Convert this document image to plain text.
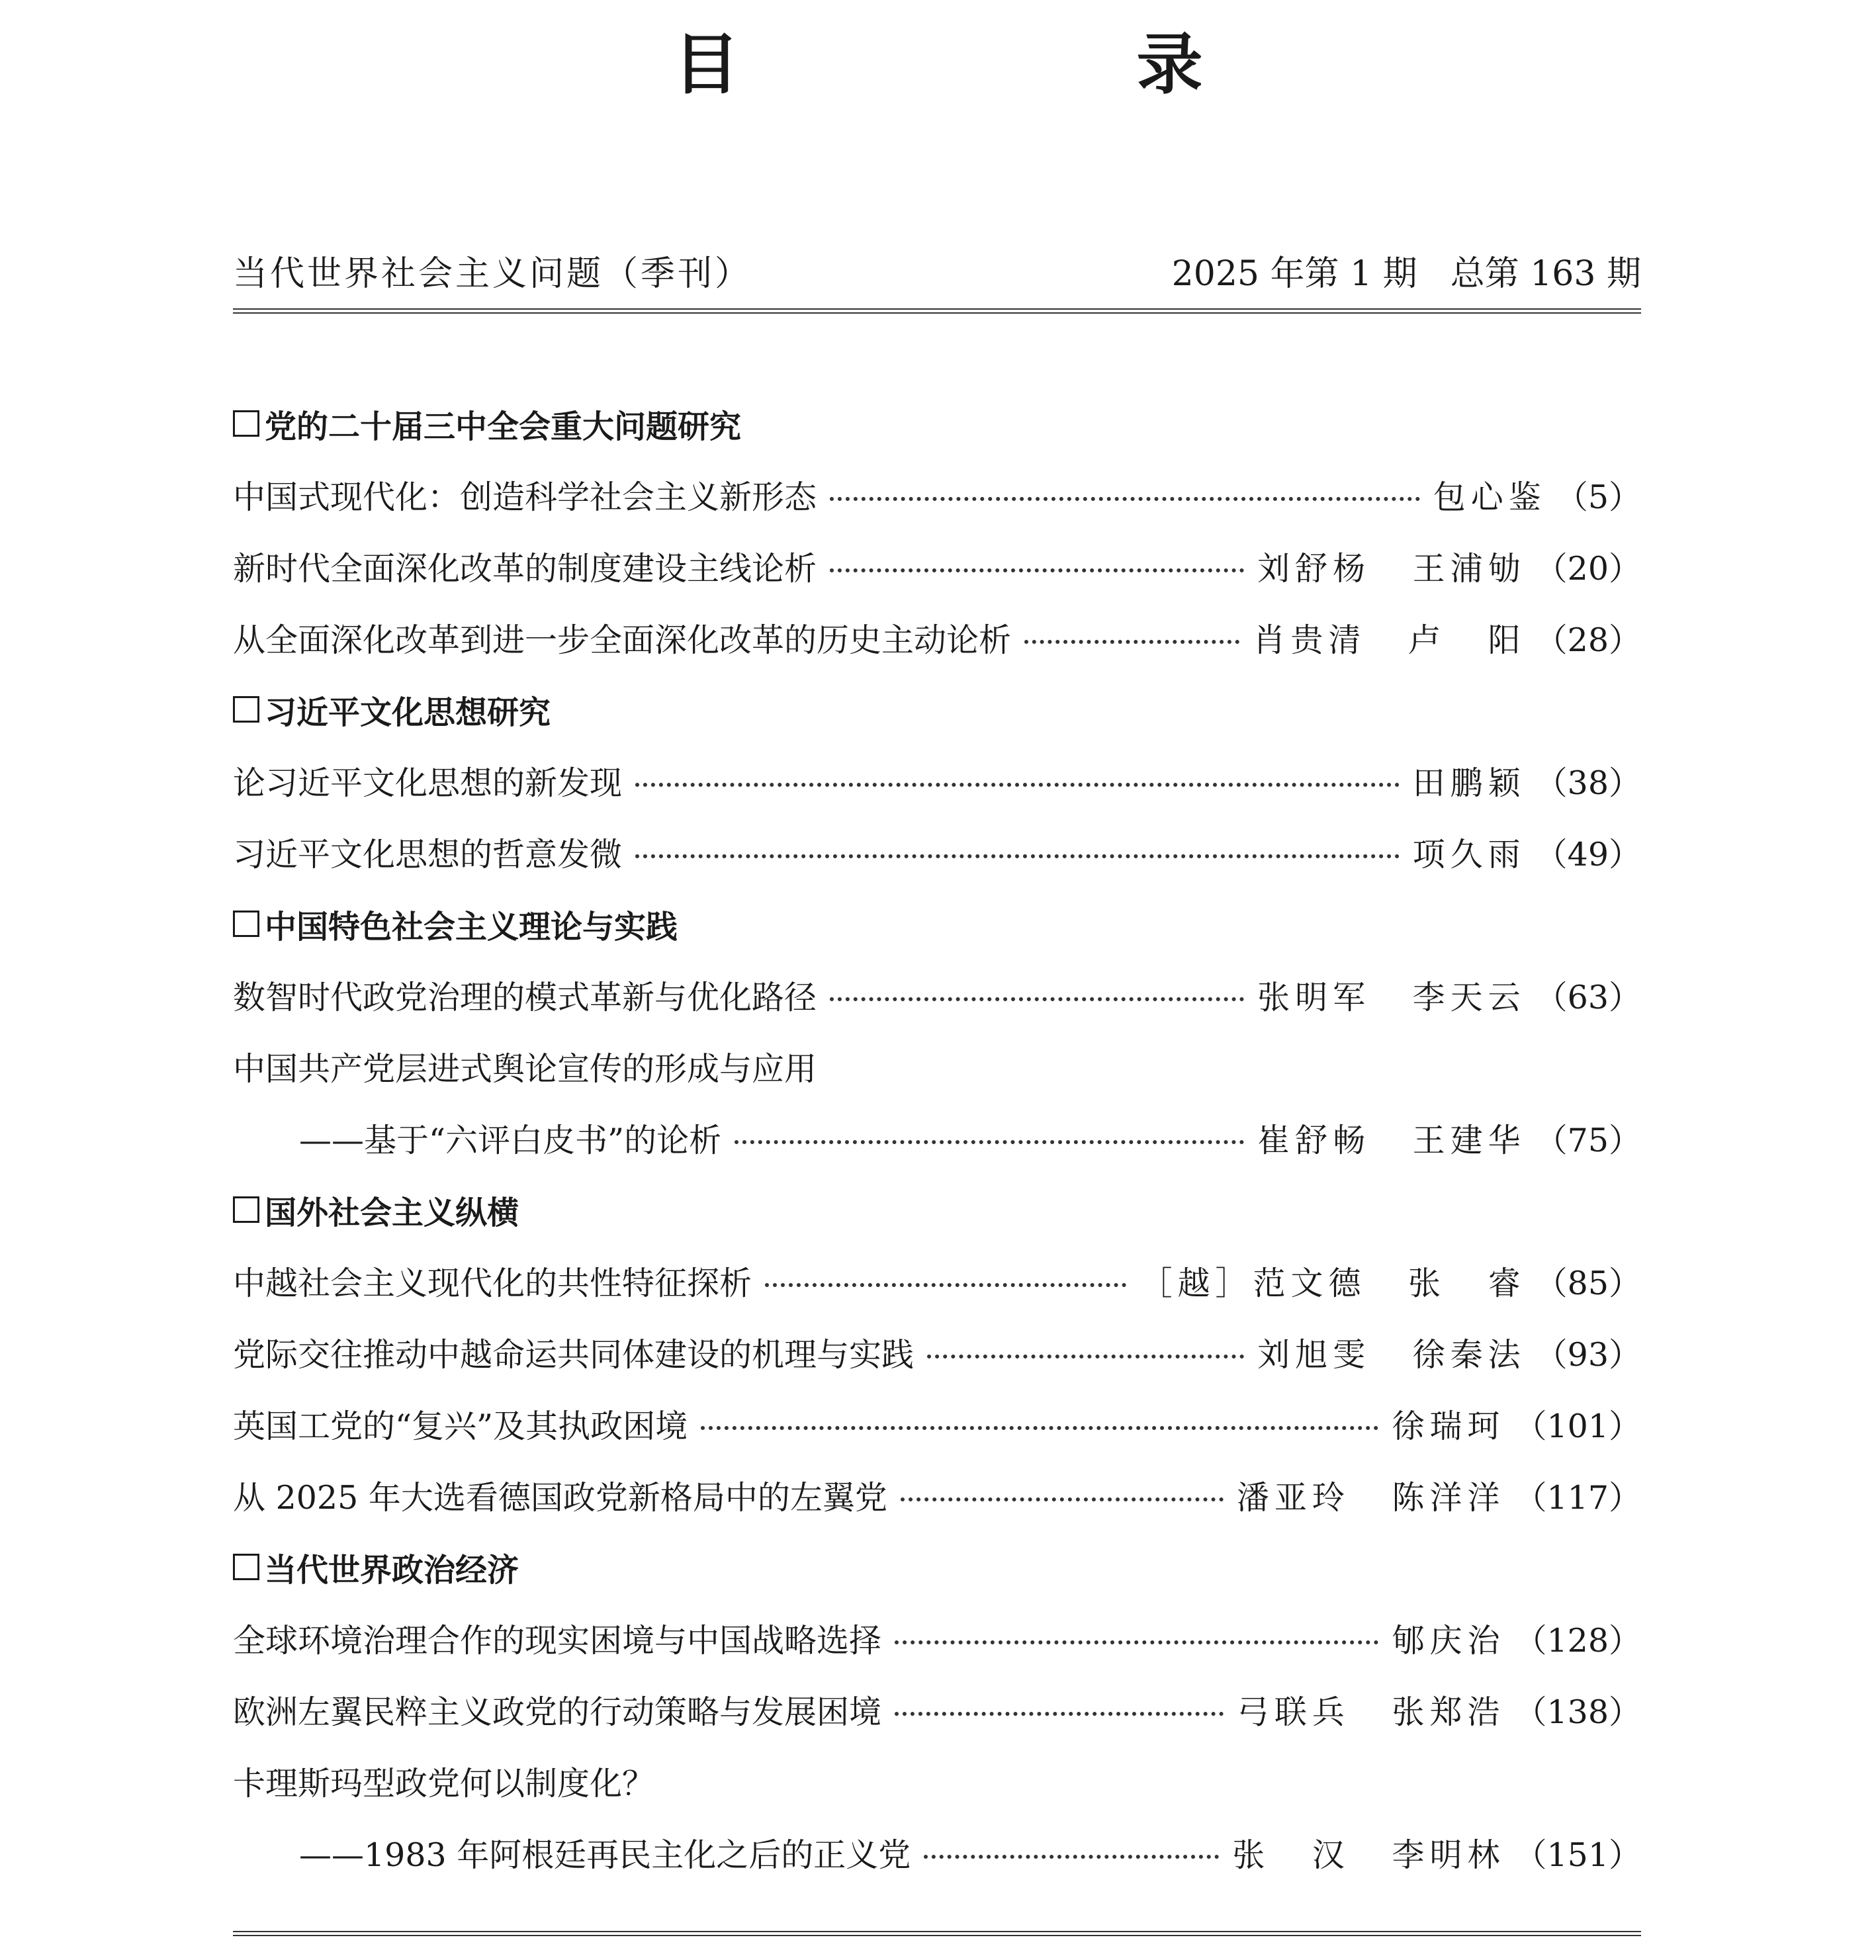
目　录
当代世界社会主义问题（季刊）	2025 年第 1 期 总第 163 期
党的二十届三中全会重大问题研究
中国式现代化：创造科学社会主义新形态	包心鉴 （5）
新时代全面深化改革的制度建设主线论析	刘舒杨 王浦劬 （20）
从全面深化改革到进一步全面深化改革的历史主动论析	肖贵清 卢 阳 （28）
习近平文化思想研究
论习近平文化思想的新发现	田鹏颖 （38）
习近平文化思想的哲意发微	项久雨 （49）
中国特色社会主义理论与实践
数智时代政党治理的模式革新与优化路径	张明军 李天云 （63）
中国共产党层进式舆论宣传的形成与应用
——基于“六评白皮书”的论析	崔舒畅 王建华 （75）
国外社会主义纵横
中越社会主义现代化的共性特征探析	［越］范文德 张 睿 （85）
党际交往推动中越命运共同体建设的机理与实践	刘旭雯 徐秦法 （93）
英国工党的“复兴”及其执政困境	徐瑞珂 （101）
从 2025 年大选看德国政党新格局中的左翼党	潘亚玲 陈洋洋 （117）
当代世界政治经济
全球环境治理合作的现实困境与中国战略选择	郇庆治 （128）
欧洲左翼民粹主义政党的行动策略与发展困境	弓联兵 张郑浩 （138）
卡理斯玛型政党何以制度化？
——1983 年阿根廷再民主化之后的正义党	张 汉 李明林 （151）
